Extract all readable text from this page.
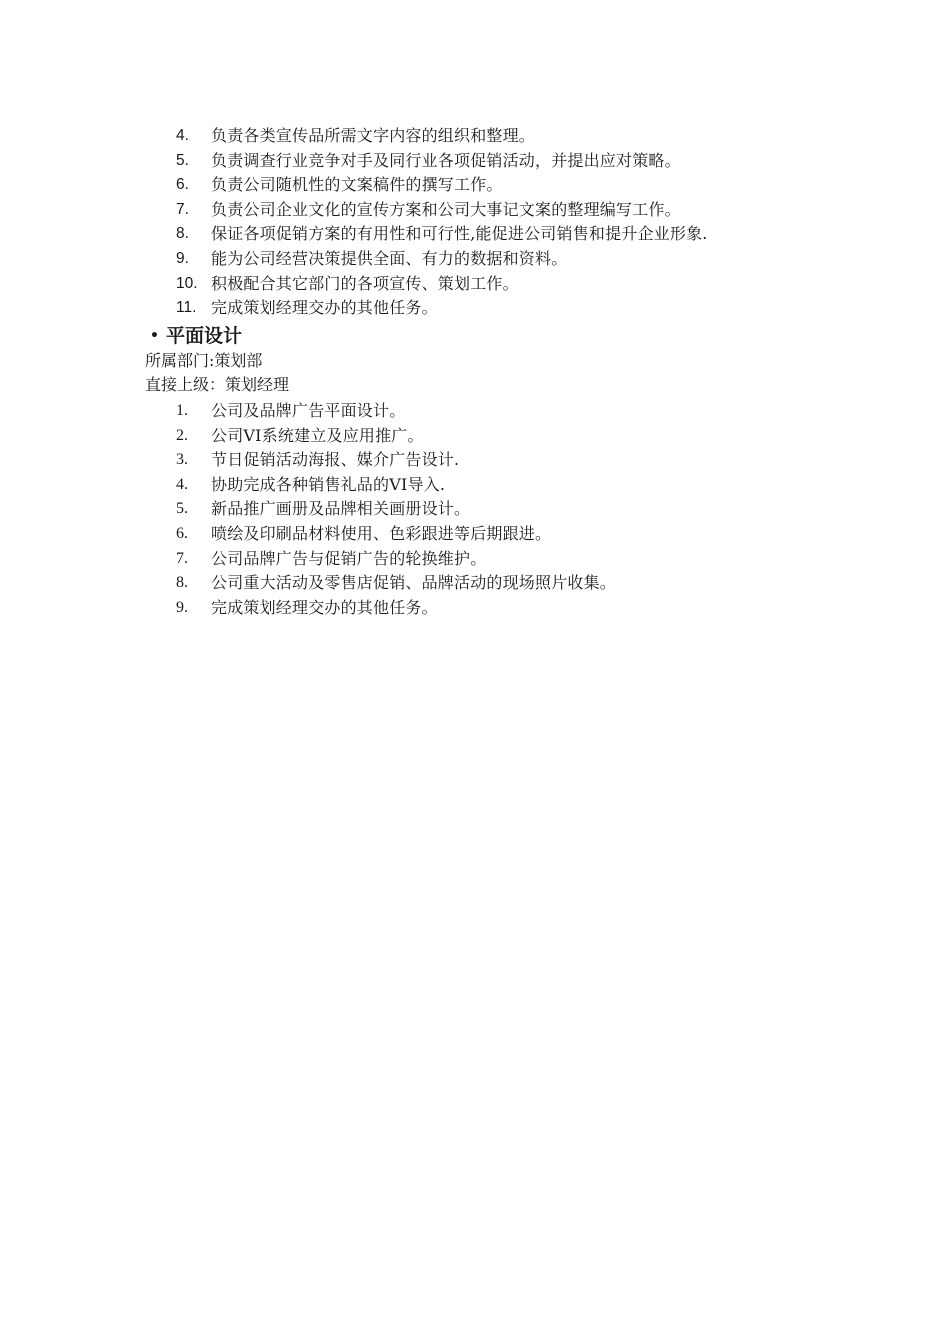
4.	负责各类宣传品所需文字内容的组织和整理。
5.	负责调查行业竞争对手及同行业各项促销活动，并提出应对策略。
6.	负责公司随机性的文案稿件的撰写工作。
7.	负责公司企业文化的宣传方案和公司大事记文案的整理编写工作。
8.	保证各项促销方案的有用性和可行性,能促进公司销售和提升企业形象.
9.	能为公司经营决策提供全面、有力的数据和资料。
10. 积极配合其它部门的各项宣传、策划工作。
11. 完成策划经理交办的其他任务。
• 平面设计
所属部门:策划部
直接上级：策划经理
1.	公司及品牌广告平面设计。
2.	公司VI系统建立及应用推广。
3.	节日促销活动海报、媒介广告设计.
4.	协助完成各种销售礼品的VI导入.
5.	新品推广画册及品牌相关画册设计。
6.	喷绘及印刷品材料使用、色彩跟进等后期跟进。
7.	公司品牌广告与促销广告的轮换维护。
8.	公司重大活动及零售店促销、品牌活动的现场照片收集。
9.	完成策划经理交办的其他任务。
